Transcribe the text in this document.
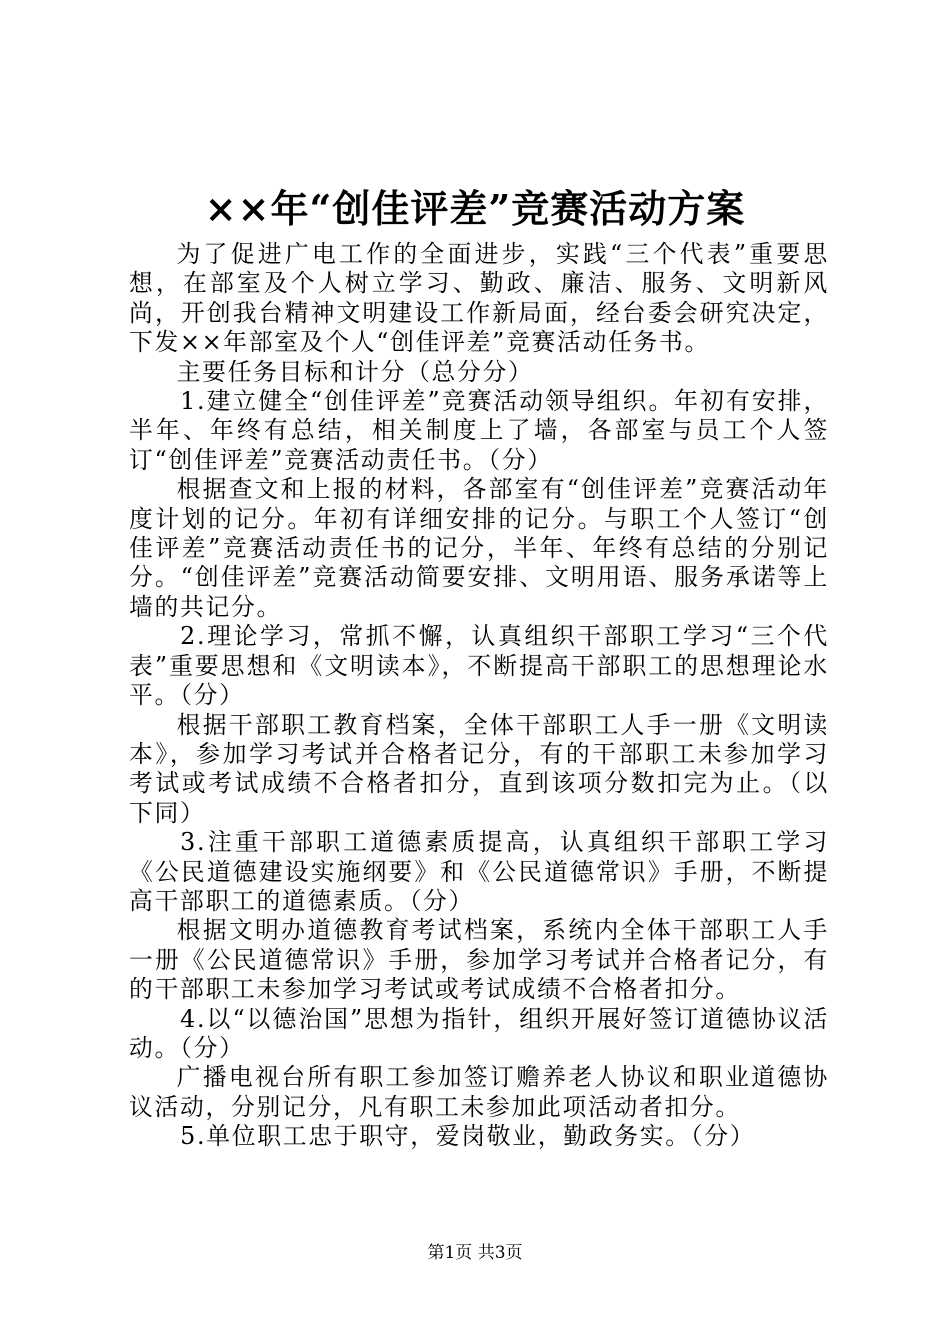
××年“创佳评差”竞赛活动方案

为了促进广电工作的全面进步，实践“三个代表”重要思想，在部室及个人树立学习、勤政、廉洁、服务、文明新风尚，开创我台精神文明建设工作新局面，经台委会研究决定，下发××年部室及个人“创佳评差”竞赛活动任务书。

主要任务目标和计分（总分分）

1.建立健全“创佳评差”竞赛活动领导组织。年初有安排，半年、年终有总结，相关制度上了墙，各部室与员工个人签订“创佳评差”竞赛活动责任书。（分）

根据查文和上报的材料，各部室有“创佳评差”竞赛活动年度计划的记分。年初有详细安排的记分。与职工个人签订“创佳评差”竞赛活动责任书的记分，半年、年终有总结的分别记分。“创佳评差”竞赛活动简要安排、文明用语、服务承诺等上墙的共记分。

2.理论学习，常抓不懈，认真组织干部职工学习“三个代表”重要思想和《文明读本》，不断提高干部职工的思想理论水平。（分）

根据干部职工教育档案，全体干部职工人手一册《文明读本》，参加学习考试并合格者记分，有的干部职工未参加学习考试或考试成绩不合格者扣分，直到该项分数扣完为止。（以下同）

3.注重干部职工道德素质提高，认真组织干部职工学习《公民道德建设实施纲要》和《公民道德常识》手册，不断提高干部职工的道德素质。（分）

根据文明办道德教育考试档案，系统内全体干部职工人手一册《公民道德常识》手册，参加学习考试并合格者记分，有的干部职工未参加学习考试或考试成绩不合格者扣分。

4.以“以德治国”思想为指针，组织开展好签订道德协议活动。（分）

广播电视台所有职工参加签订赡养老人协议和职业道德协议活动，分别记分，凡有职工未参加此项活动者扣分。

5.单位职工忠于职守，爱岗敬业，勤政务实。（分）

第1页 共3页
